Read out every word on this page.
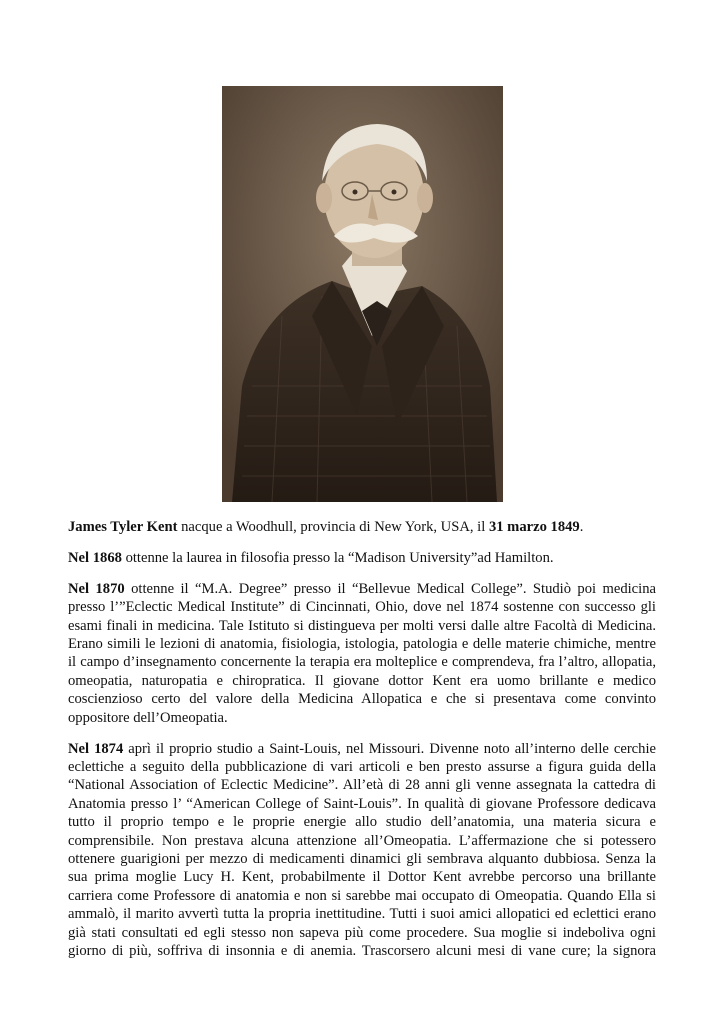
James Tyler Kent nacque a Woodhull, provincia di New York, USA, il 31 marzo 1849.

Nel 1868 ottenne la laurea in filosofia presso la “Madison University”ad Hamilton.

Nel 1870 ottenne il “M.A. Degree” presso il “Bellevue Medical College”. Studiò poi medicina presso l’”Eclectic Medical Institute” di Cincinnati, Ohio, dove nel 1874 sostenne con successo gli esami finali in medicina. Tale Istituto si distingueva per molti versi dalle altre Facoltà di Medicina. Erano simili le lezioni di anatomia, fisiologia, istologia, patologia e delle materie chimiche, mentre il campo d’insegnamento concernente la terapia era molteplice e comprendeva, fra l’altro, allopatia, omeopatia, naturopatia e chiropratica. Il giovane dottor Kent era uomo brillante e medico coscienzioso certo del valore della Medicina Allopatica e che si presentava come convinto oppositore dell’Omeopatia.

Nel 1874 aprì il proprio studio a Saint-Louis, nel Missouri. Divenne noto all’interno delle cerchie eclettiche a seguito della pubblicazione di vari articoli e ben presto assurse a figura guida della “National Association of Eclectic Medicine”. All’età di 28 anni gli venne assegnata la cattedra di Anatomia presso l’ “American College of Saint-Louis”. In qualità di giovane Professore dedicava tutto il proprio tempo e le proprie energie allo studio dell’anatomia, una materia sicura e comprensibile. Non prestava alcuna attenzione all’Omeopatia. L’affermazione che si potessero ottenere guarigioni per mezzo di medicamenti dinamici gli sembrava alquanto dubbiosa. Senza la sua prima moglie Lucy H. Kent, probabilmente il Dottor Kent avrebbe percorso una brillante carriera come Professore di anatomia e non si sarebbe mai occupato di Omeopatia. Quando Ella si ammalò, il marito avvertì tutta la propria inettitudine. Tutti i suoi amici allopatici ed eclettici erano già stati consultati ed egli stesso non sapeva più come procedere. Sua moglie si indeboliva ogni giorno di più, soffriva di insonnia e di anemia. Trascorsero alcuni mesi di vane cure; la signora
